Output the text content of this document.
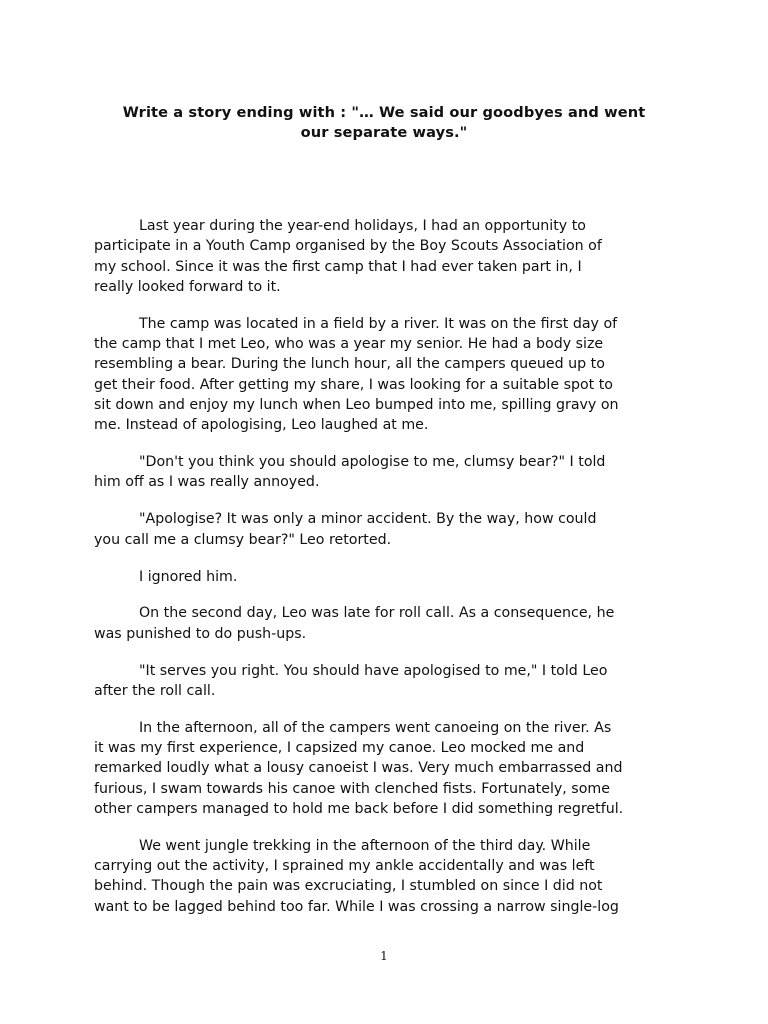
Write a story ending with : "… We said our goodbyes and went
our separate ways."

Last year during the year-end holidays, I had an opportunity to
participate in a Youth Camp organised by the Boy Scouts Association of
my school. Since it was the first camp that I had ever taken part in, I
really looked forward to it.

The camp was located in a field by a river. It was on the first day of
the camp that I met Leo, who was a year my senior. He had a body size
resembling a bear. During the lunch hour, all the campers queued up to
get their food. After getting my share, I was looking for a suitable spot to
sit down and enjoy my lunch when Leo bumped into me, spilling gravy on
me. Instead of apologising, Leo laughed at me.

"Don't you think you should apologise to me, clumsy bear?" I told
him off as I was really annoyed.

"Apologise? It was only a minor accident. By the way, how could
you call me a clumsy bear?" Leo retorted.

I ignored him.

On the second day, Leo was late for roll call. As a consequence, he
was punished to do push-ups.

"It serves you right. You should have apologised to me," I told Leo
after the roll call.

In the afternoon, all of the campers went canoeing on the river. As
it was my first experience, I capsized my canoe. Leo mocked me and
remarked loudly what a lousy canoeist I was. Very much embarrassed and
furious, I swam towards his canoe with clenched fists. Fortunately, some
other campers managed to hold me back before I did something regretful.

We went jungle trekking in the afternoon of the third day. While
carrying out the activity, I sprained my ankle accidentally and was left
behind. Though the pain was excruciating, I stumbled on since I did not
want to be lagged behind too far. While I was crossing a narrow single-log

1
